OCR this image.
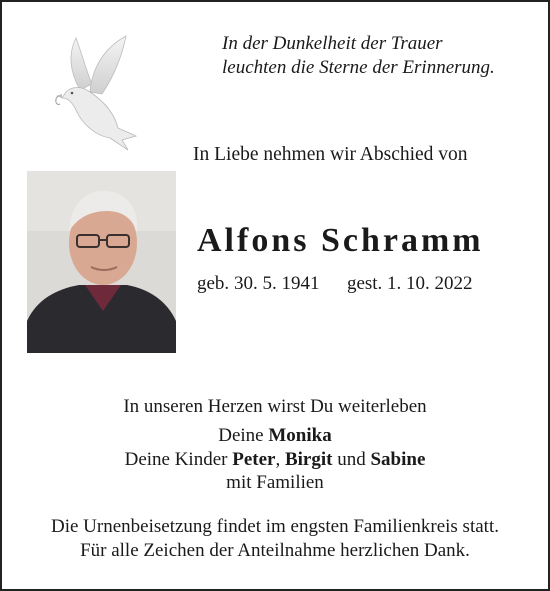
In der Dunkelheit der Trauer
leuchten die Sterne der Erinnerung.
In Liebe nehmen wir Abschied von
Alfons Schramm
geb. 30. 5. 1941 gest. 1. 10. 2022
In unseren Herzen wirst Du weiterleben
Deine Monika
Deine Kinder Peter, Birgit und Sabine
mit Familien
Die Urnenbeisetzung findet im engsten Familienkreis statt.
Für alle Zeichen der Anteilnahme herzlichen Dank.
